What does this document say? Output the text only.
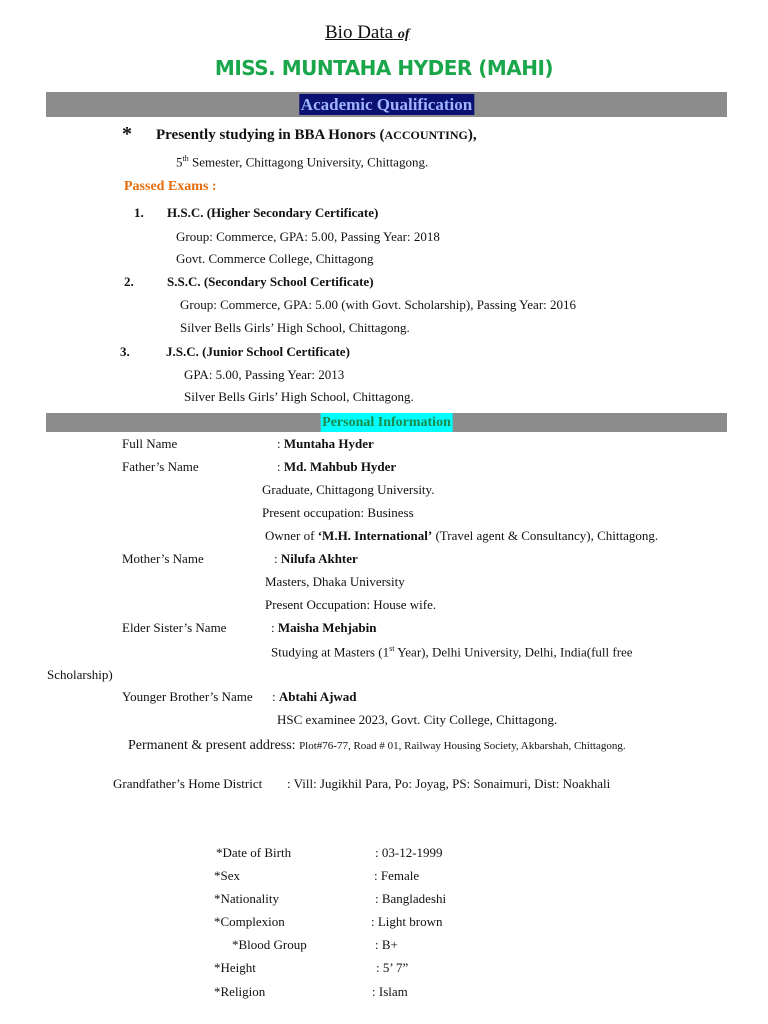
Bio Data of
MISS. MUNTAHA HYDER (MAHI)
Academic Qualification
* Presently studying in BBA Honors (ACCOUNTING),
5th Semester, Chittagong University, Chittagong.
Passed Exams :
1. H.S.C. (Higher Secondary Certificate)
Group: Commerce, GPA: 5.00, Passing Year: 2018
Govt. Commerce College, Chittagong
2.	S.S.C. (Secondary School Certificate)
Group: Commerce, GPA: 5.00 (with Govt. Scholarship), Passing Year: 2016
Silver Bells Girls’ High School, Chittagong.
3.	J.S.C. (Junior School Certificate)
GPA: 5.00, Passing Year: 2013
Silver Bells Girls’ High School, Chittagong.
Personal Information
Full Name	: Muntaha Hyder
Father’s Name	: Md. Mahbub Hyder
Graduate, Chittagong University.
Present occupation: Business
Owner of ‘M.H. International’ (Travel agent & Consultancy), Chittagong.
Mother’s Name	: Nilufa Akhter
Masters, Dhaka University
Present Occupation: House wife.
Elder Sister’s Name	: Maisha Mehjabin
Studying at Masters (1st Year), Delhi University, Delhi, India(full free
Scholarship)
Younger Brother’s Name : Abtahi Ajwad
HSC examinee 2023, Govt. City College, Chittagong.
Permanent & present address: Plot#76-77, Road # 01, Railway Housing Society, Akbarshah, Chittagong.
Grandfather’s Home District : Vill: Jugikhil Para, Po: Joyag, PS: Sonaimuri, Dist: Noakhali
*Date of Birth	: 03-12-1999
*Sex	: Female
*Nationality	: Bangladeshi
*Complexion	: Light brown
*Blood Group	: B+
*Height	: 5’ 7”
*Religion	: Islam
